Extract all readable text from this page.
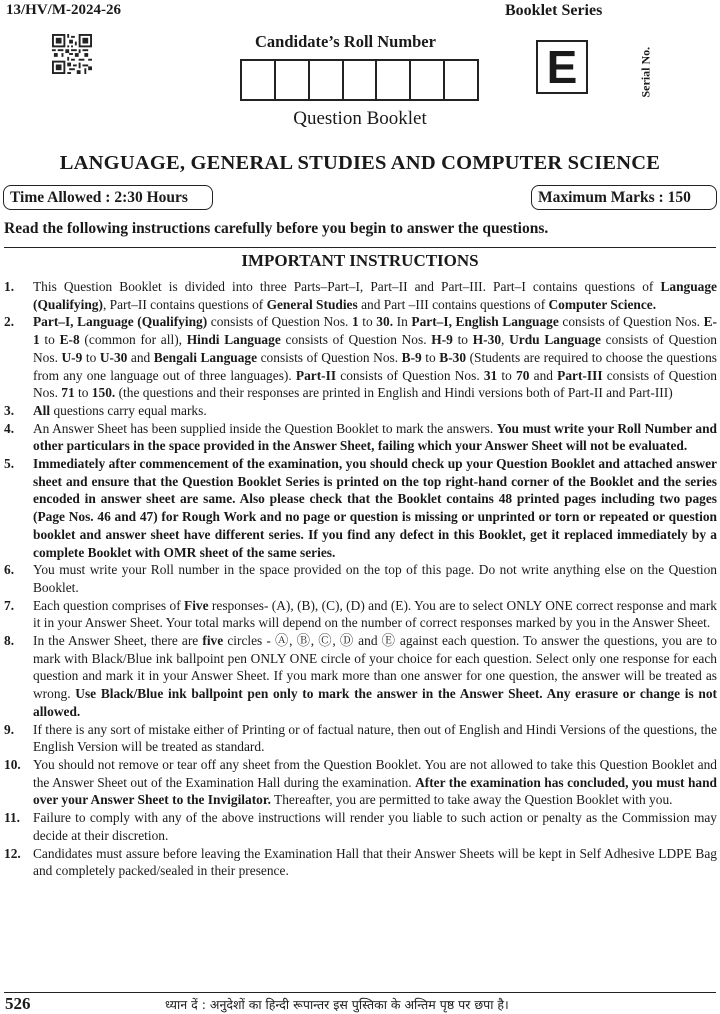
13/HV/M-2024-26	Booklet Series
Candidate’s Roll Number E	Serial No.
Question Booklet
LANGUAGE, GENERAL STUDIES AND COMPUTER SCIENCE
Time Allowed : 2:30 Hours	Maximum Marks : 150
Read the following instructions carefully before you begin to answer the questions.
IMPORTANT INSTRUCTIONS
1. This Question Booklet is divided into three Parts–Part–I, Part–II and Part–III. Part–I contains questions of Language (Qualifying), Part–II contains questions of General Studies and Part –III contains questions of Computer Science.
2. Part–I, Language (Qualifying) consists of Question Nos. 1 to 30. In Part–I, English Language consists of Question Nos. E-1 to E-8 (common for all), Hindi Language consists of Question Nos. H-9 to H-30, Urdu Language consists of Question Nos. U-9 to U-30 and Bengali Language consists of Question Nos. B-9 to B-30 (Students are required to choose the questions from any one language out of three languages). Part-II consists of Question Nos. 31 to 70 and Part-III consists of Question Nos. 71 to 150. (the questions and their responses are printed in English and Hindi versions both of Part-II and Part-III)
3. All questions carry equal marks.
4. An Answer Sheet has been supplied inside the Question Booklet to mark the answers. You must write your Roll Number and other particulars in the space provided in the Answer Sheet, failing which your Answer Sheet will not be evaluated.
5. Immediately after commencement of the examination, you should check up your Question Booklet and attached answer sheet and ensure that the Question Booklet Series is printed on the top right-hand corner of the Booklet and the series encoded in answer sheet are same. Also please check that the Booklet contains 48 printed pages including two pages (Page Nos. 46 and 47) for Rough Work and no page or question is missing or unprinted or torn or repeated or question booklet and answer sheet have different series. If you find any defect in this Booklet, get it replaced immediately by a complete Booklet with OMR sheet of the same series.
6. You must write your Roll number in the space provided on the top of this page. Do not write anything else on the Question Booklet.
7. Each question comprises of Five responses- (A), (B), (C), (D) and (E). You are to select ONLY ONE correct response and mark it in your Answer Sheet. Your total marks will depend on the number of correct responses marked by you in the Answer Sheet.
8. In the Answer Sheet, there are five circles - Ⓐ, Ⓑ, Ⓒ, Ⓓ and Ⓔ against each question. To answer the questions, you are to mark with Black/Blue ink ballpoint pen ONLY ONE circle of your choice for each question. Select only one response for each question and mark it in your Answer Sheet. If you mark more than one answer for one question, the answer will be treated as wrong. Use Black/Blue ink ballpoint pen only to mark the answer in the Answer Sheet. Any erasure or change is not allowed.
9. If there is any sort of mistake either of Printing or of factual nature, then out of English and Hindi Versions of the questions, the English Version will be treated as standard.
10. You should not remove or tear off any sheet from the Question Booklet. You are not allowed to take this Question Booklet and the Answer Sheet out of the Examination Hall during the examination. After the examination has concluded, you must hand over your Answer Sheet to the Invigilator. Thereafter, you are permitted to take away the Question Booklet with you.
11. Failure to comply with any of the above instructions will render you liable to such action or penalty as the Commission may decide at their discretion.
12. Candidates must assure before leaving the Examination Hall that their Answer Sheets will be kept in Self Adhesive LDPE Bag and completely packed/sealed in their presence.
526	ध्यान दें : अनुदेशों का हिन्दी रूपान्तर इस पुस्तिका के अन्तिम पृष्ठ पर छपा है।
